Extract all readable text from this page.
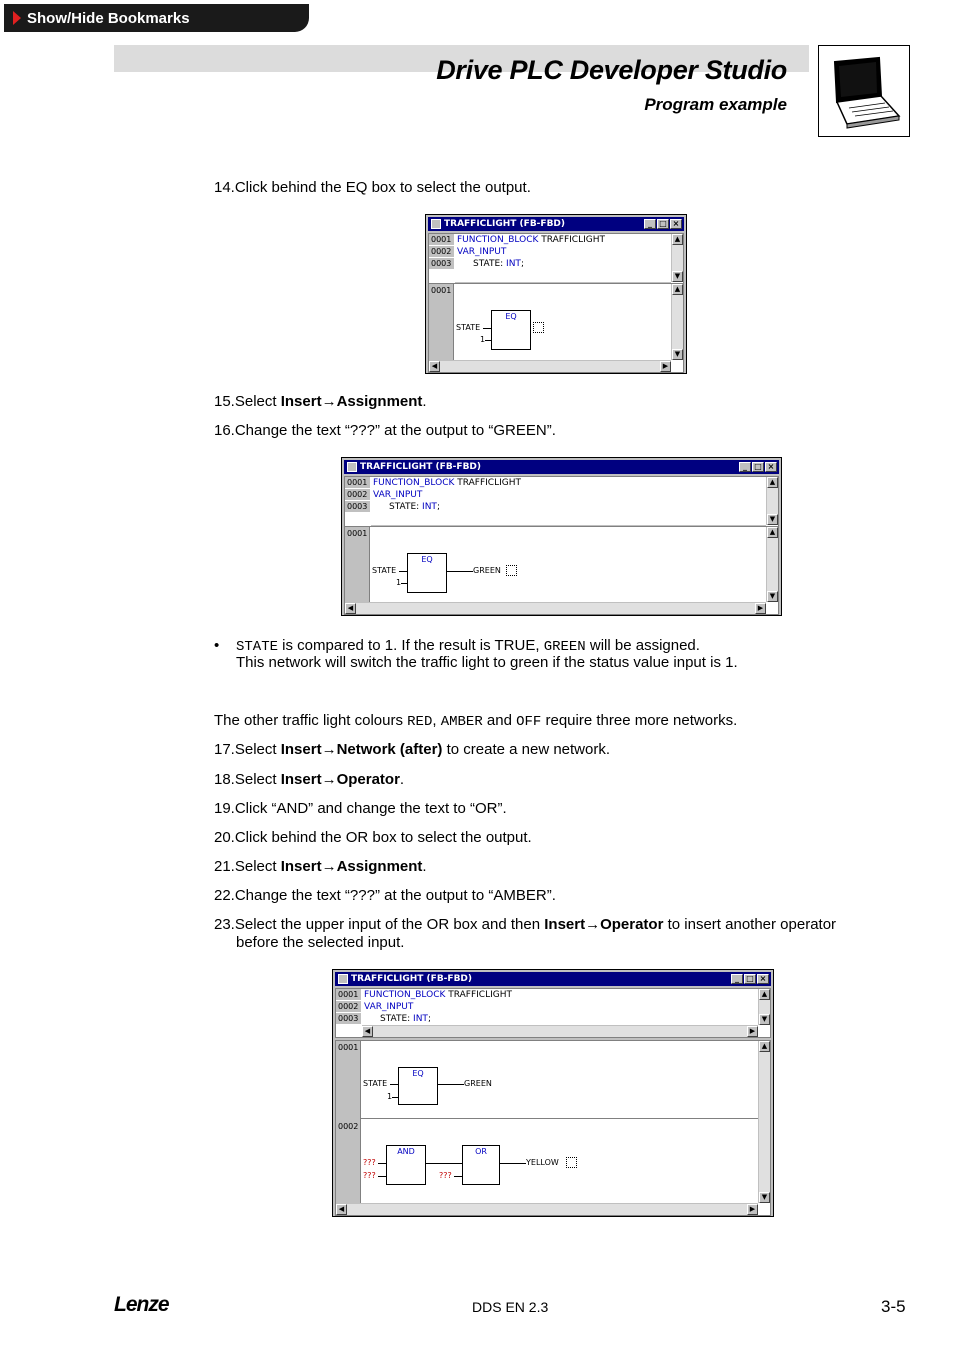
Show/Hide Bookmarks
Drive PLC Developer Studio
Program example
14.Click behind the EQ box to select the output.
TRAFFICLIGHT (FB-FBD)	_ □ ×
0001
0002
0003
FUNCTION_BLOCK TRAFFICLIGHT
VAR_INPUT
STATE: INT;
▲
▼
0001
EQ
STATE
1
▲
▼
◀	▶
15.Select Insert→Assignment.
16.Change the text “???” at the output to “GREEN”.
TRAFFICLIGHT (FB-FBD)	_ □ ×
0001
0002
0003
FUNCTION_BLOCK TRAFFICLIGHT
VAR_INPUT
STATE: INT;
▲
▼
0001
EQ
STATE
1
GREEN
▲
▼
◀	▶
• STATE is compared to 1. If the result is TRUE, GREEN will be assigned.
This network will switch the traffic light to green if the status value input is 1.
The other traffic light colours RED, AMBER and OFF require three more networks.
17.Select Insert→Network (after) to create a new network.
18.Select Insert→Operator.
19.Click “AND” and change the text to “OR”.
20.Click behind the OR box to select the output.
21.Select Insert→Assignment.
22.Change the text “???” at the output to “AMBER”.
23.Select the upper input of the OR box and then Insert→Operator to insert another operator
before the selected input.
TRAFFICLIGHT (FB-FBD)	_ □ ×
0001
0002
0003
FUNCTION_BLOCK TRAFFICLIGHT
VAR_INPUT
STATE: INT;
▲
▼
◀	▶
0001
0002
EQ
STATE
1
GREEN
AND
???
???
OR
???
YELLOW
▲
▼
◀	▶
Lenze	DDS EN 2.3	3-5
